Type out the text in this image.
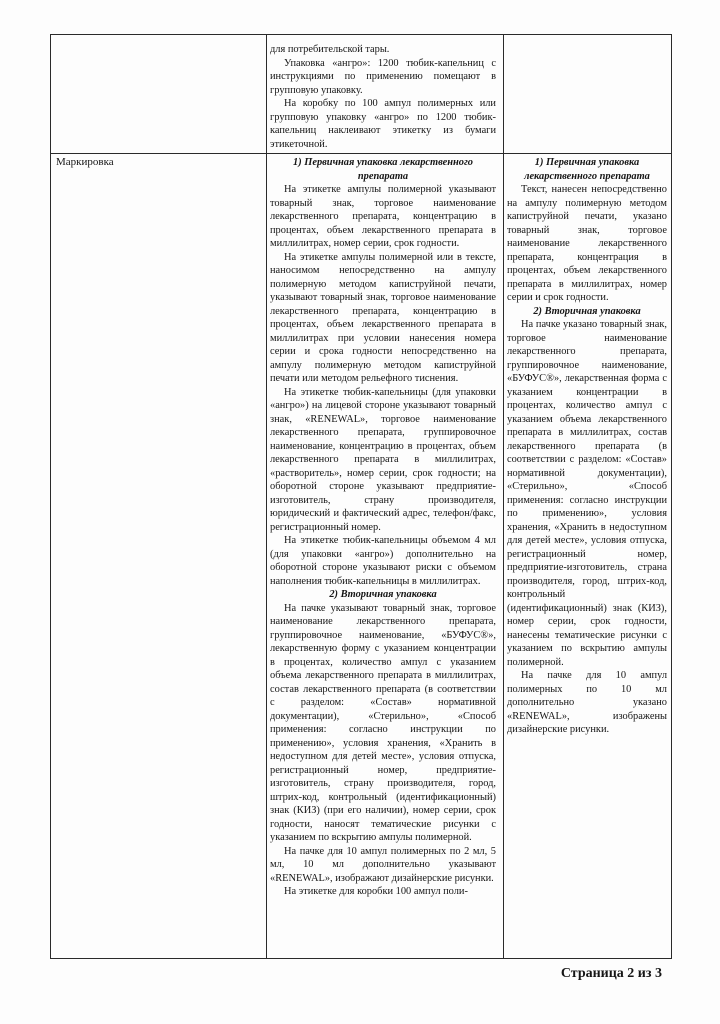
для потребительской тары.

Упаковка «ангро»: 1200 тюбик-капельниц с инструкциями по применению помещают в групповую упаковку.

На коробку по 100 ампул полимерных или групповую упаковку «ангро» по 1200 тюбик-капельниц наклеивают этикетку из бумаги этикеточной.

Маркировка	1) Первичная упаковка лекарственного препарата

На этикетке ампулы полимерной указывают товарный знак, торговое наименование лекарственного препарата, концентрацию в процентах, объем лекарственного препарата в миллилитрах, номер серии, срок годности.

На этикетке ампулы полимерной или в тексте, наносимом непосредственно на ампулу полимерную методом капиструйной печати, указывают товарный знак, торговое наименование лекарственного препарата, концентрацию в процентах, объем лекарственного препарата в миллилитрах при условии нанесения номера серии и срока годности непосредственно на ампулу полимерную методом капиструйной печати или методом рельефного тиснения.

На этикетке тюбик-капельницы (для упаковки «ангро») на лицевой стороне указывают товарный знак, «RENEWAL», торговое наименование лекарственного препарата, группировочное наименование, концентрацию в процентах, объем лекарственного препарата в миллилитрах, «растворитель», номер серии, срок годности; на оборотной стороне указывают предприятие-изготовитель, страну производителя, юридический и фактический адрес, телефон/факс, регистрационный номер.

На этикетке тюбик-капельницы объемом 4 мл (для упаковки «ангро») дополнительно на оборотной стороне указывают риски с объемом наполнения тюбик-капельницы в миллилитрах.

2) Вторичная упаковка

На пачке указывают товарный знак, торговое наименование лекарственного препарата, группировочное наименование, «БУФУС®», лекарственную форму с указанием концентрации в процентах, количество ампул с указанием объема лекарственного препарата в миллилитрах, состав лекарственного препарата (в соответствии с разделом: «Состав» нормативной документации), «Стерильно», «Способ применения: согласно инструкции по применению», условия хранения, «Хранить в недоступном для детей месте», условия отпуска, регистрационный номер, предприятие-изготовитель, страну производителя, город, штрих-код, контрольный (идентификационный) знак (КИЗ) (при его наличии), номер серии, срок годности, наносят тематические рисунки с указанием по вскрытию ампулы полимерной.

На пачке для 10 ампул полимерных по 2 мл, 5 мл, 10 мл дополнительно указывают «RENEWAL», изображают дизайнерские рисунки.

На этикетке для коробки 100 ампул поли-

1) Первичная упаковка лекарственного препарата

Текст, нанесен непосредственно на ампулу полимерную методом капиструйной печати, указано товарный знак, торговое наименование лекарственного препарата, концентрация в процентах, объем лекарственного препарата в миллилитрах, номер серии и срок годности.

2) Вторичная упаковка

На пачке указано товарный знак, торговое наименование лекарственного препарата, группировочное наименование, «БУФУС®», лекарственная форма с указанием концентрации в процентах, количество ампул с указанием объема лекарственного препарата в миллилитрах, состав лекарственного препарата (в соответствии с разделом: «Состав» нормативной документации), «Стерильно», «Способ применения: согласно инструкции по применению», условия хранения, «Хранить в недоступном для детей месте», условия отпуска, регистрационный номер, предприятие-изготовитель, страна производителя, город, штрих-код, контрольный (идентификационный) знак (КИЗ), номер серии, срок годности, нанесены тематические рисунки с указанием по вскрытию ампулы полимерной.

На пачке для 10 ампул полимерных по 10 мл дополнительно указано «RENEWAL», изображены дизайнерские рисунки.

Страница 2 из 3
